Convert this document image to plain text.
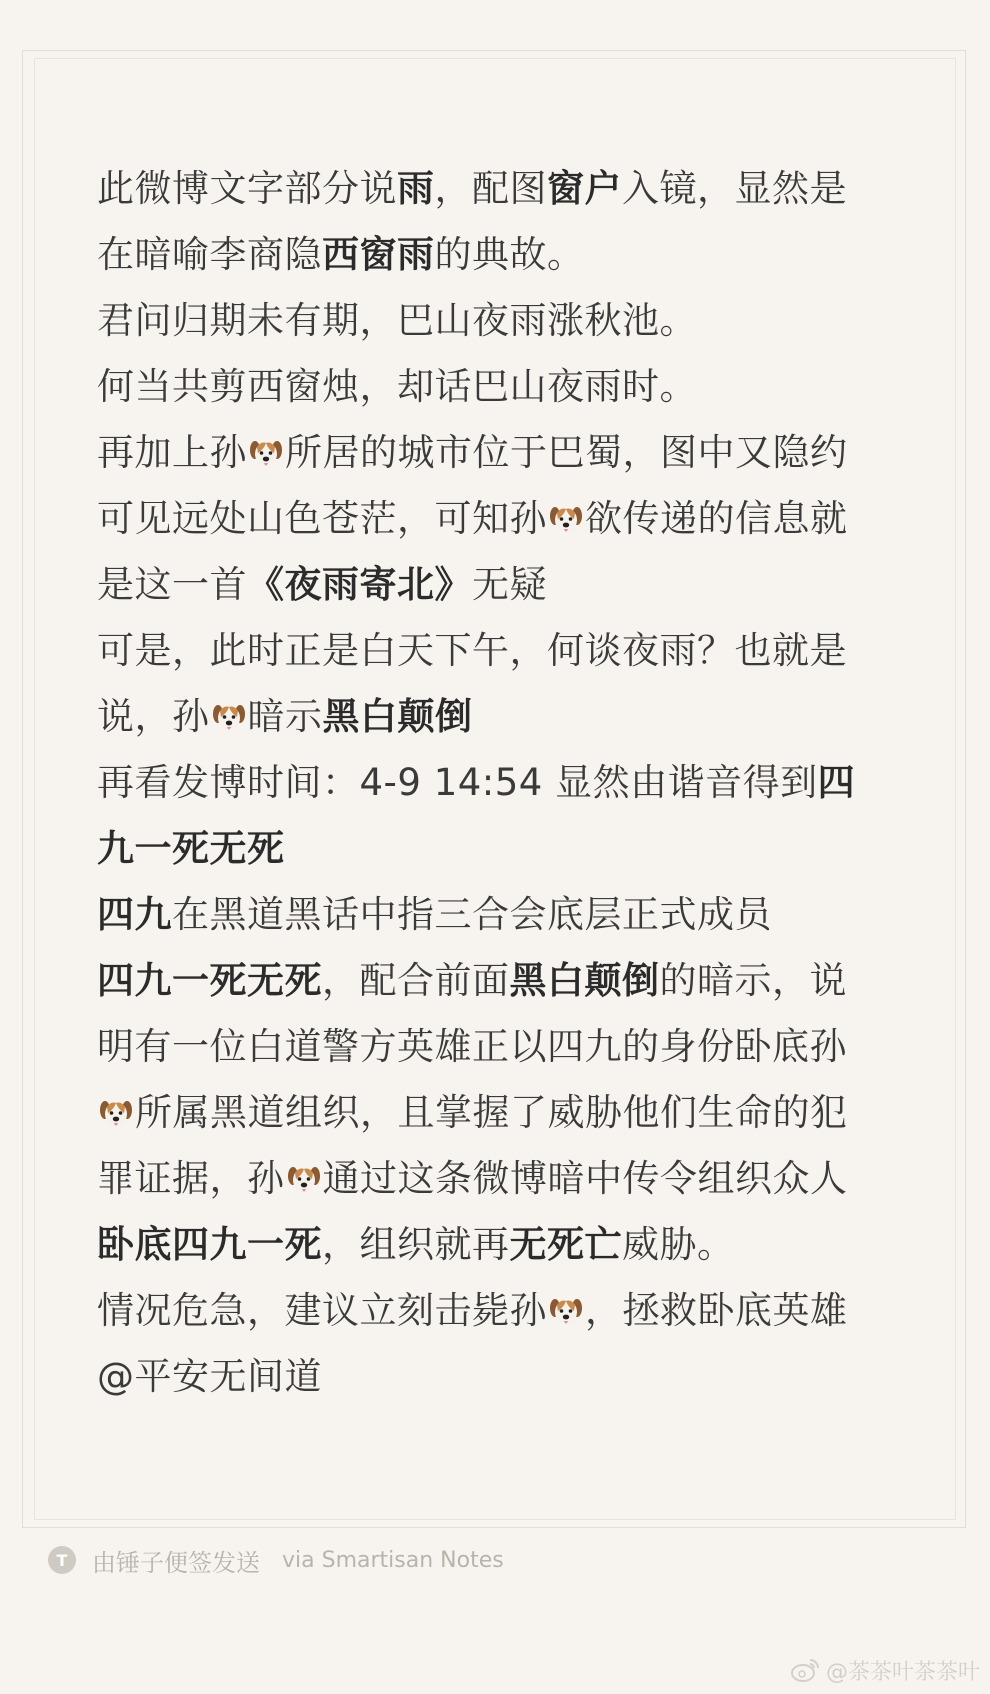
此微博文字部分说雨，配图窗户入镜，显然是
在暗喻李商隐西窗雨的典故。
君问归期未有期，巴山夜雨涨秋池。
何当共剪西窗烛，却话巴山夜雨时。
再加上孙 所居的城市位于巴蜀，图中又隐约
可见远处山色苍茫，可知孙 欲传递的信息就
是这一首《夜雨寄北》无疑
可是，此时正是白天下午，何谈夜雨？也就是
说，孙 暗示黑白颠倒
再看发博时间：4-9 14:54 显然由谐音得到四
九一死无死
四九在黑道黑话中指三合会底层正式成员
四九一死无死，配合前面黑白颠倒的暗示，说
明有一位白道警方英雄正以四九的身份卧底孙
所属黑道组织，且掌握了威胁他们生命的犯
罪证据，孙 通过这条微博暗中传令组织众人
卧底四九一死，组织就再无死亡威胁。
情况危急，建议立刻击毙孙 ，拯救卧底英雄
@平安无间道
T	由锤子便签发送 via Smartisan Notes
@茶茶叶茶茶叶
